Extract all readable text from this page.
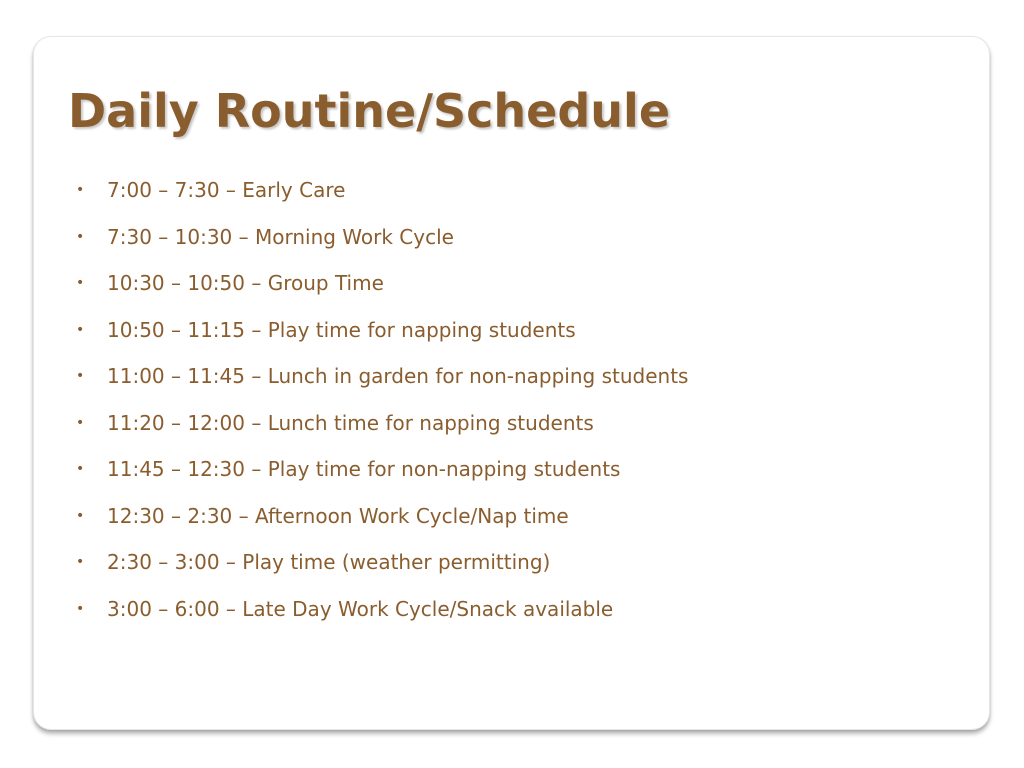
Daily Routine/Schedule
• 7:00 – 7:30 – Early Care
• 7:30 – 10:30 – Morning Work Cycle
• 10:30 – 10:50 – Group Time
• 10:50 – 11:15 – Play time for napping students
• 11:00 – 11:45 – Lunch in garden for non-napping students
• 11:20 – 12:00 – Lunch time for napping students
• 11:45 – 12:30 – Play time for non-napping students
• 12:30 – 2:30 – Afternoon Work Cycle/Nap time
• 2:30 – 3:00 – Play time (weather permitting)
• 3:00 – 6:00 – Late Day Work Cycle/Snack available
